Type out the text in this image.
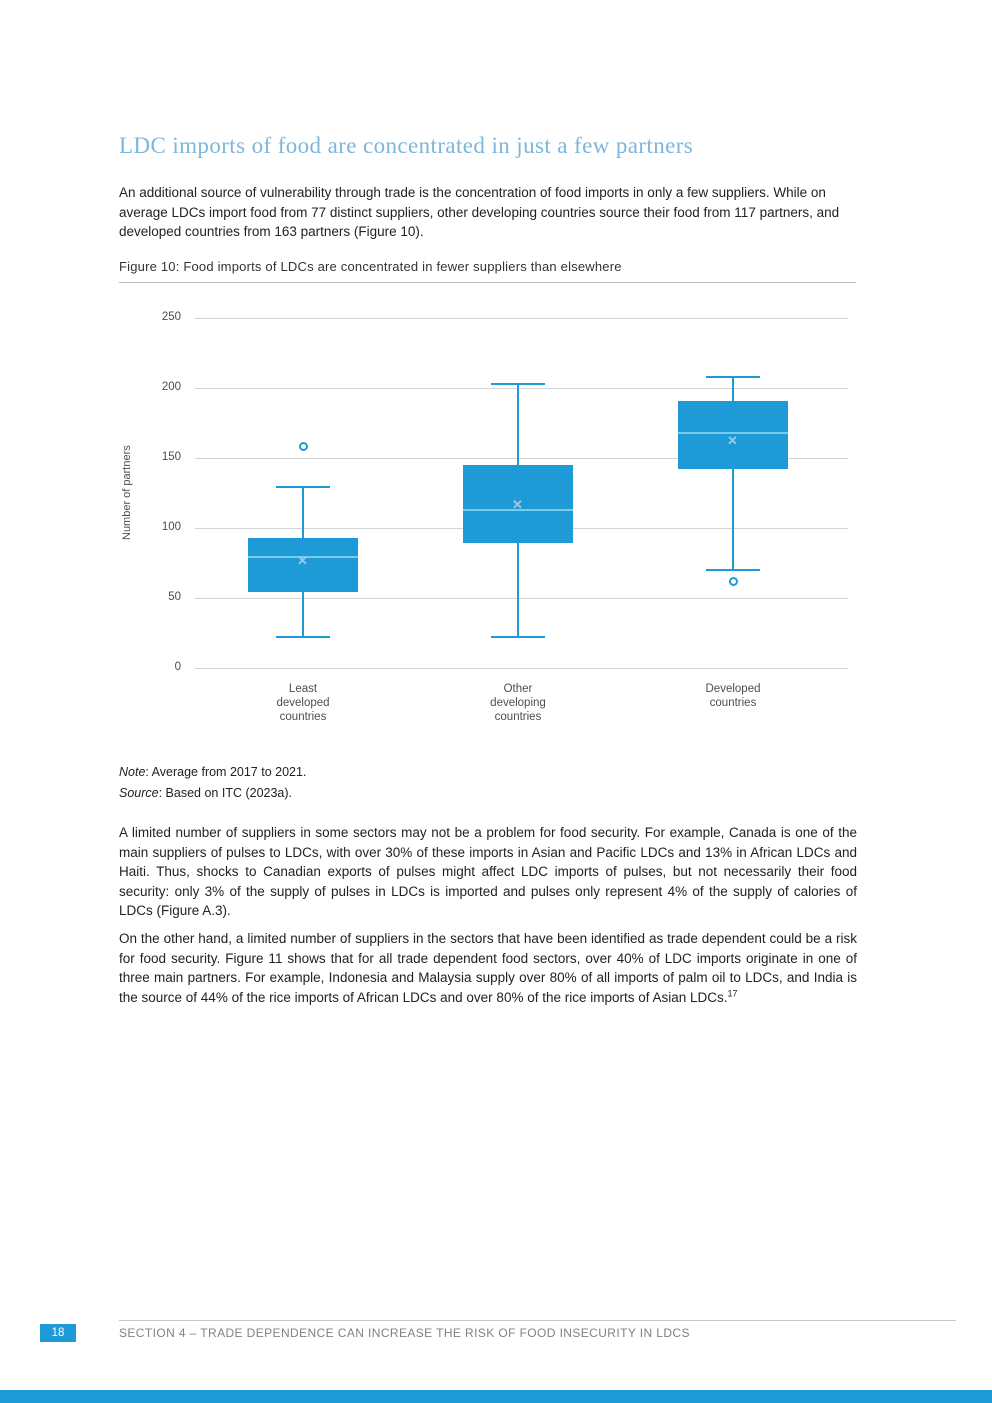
LDC imports of food are concentrated in just a few partners

An additional source of vulnerability through trade is the concentration of food imports in only a few suppliers. While on average LDCs import food from 77 distinct suppliers, other developing countries source their food from 117 partners, and developed countries from 163 partners (Figure 10).

Figure 10: Food imports of LDCs are concentrated in fewer suppliers than elsewhere
Number of partners
0
50
100
150
200
250
✕
✕
✕
Least
developed
countries
Other
developing
countries
Developed
countries

Note: Average from 2017 to 2021.

Source: Based on ITC (2023a).

A limited number of suppliers in some sectors may not be a problem for food security. For example, Canada is one of the main suppliers of pulses to LDCs, with over 30% of these imports in Asian and Pacific LDCs and 13% in African LDCs and Haiti. Thus, shocks to Canadian exports of pulses might affect LDC imports of pulses, but not necessarily their food security: only 3% of the supply of pulses in LDCs is imported and pulses only represent 4% of the supply of calories of LDCs (Figure A.3).

On the other hand, a limited number of suppliers in the sectors that have been identified as trade dependent could be a risk for food security. Figure 11 shows that for all trade dependent food sectors, over 40% of LDC imports originate in one of three main partners. For example, Indonesia and Malaysia supply over 80% of all imports of palm oil to LDCs, and India is the source of 44% of the rice imports of African LDCs and over 80% of the rice imports of Asian LDCs.$^{17}$

18	SECTION 4 – TRADE DEPENDENCE CAN INCREASE THE RISK OF FOOD INSECURITY IN LDCS
